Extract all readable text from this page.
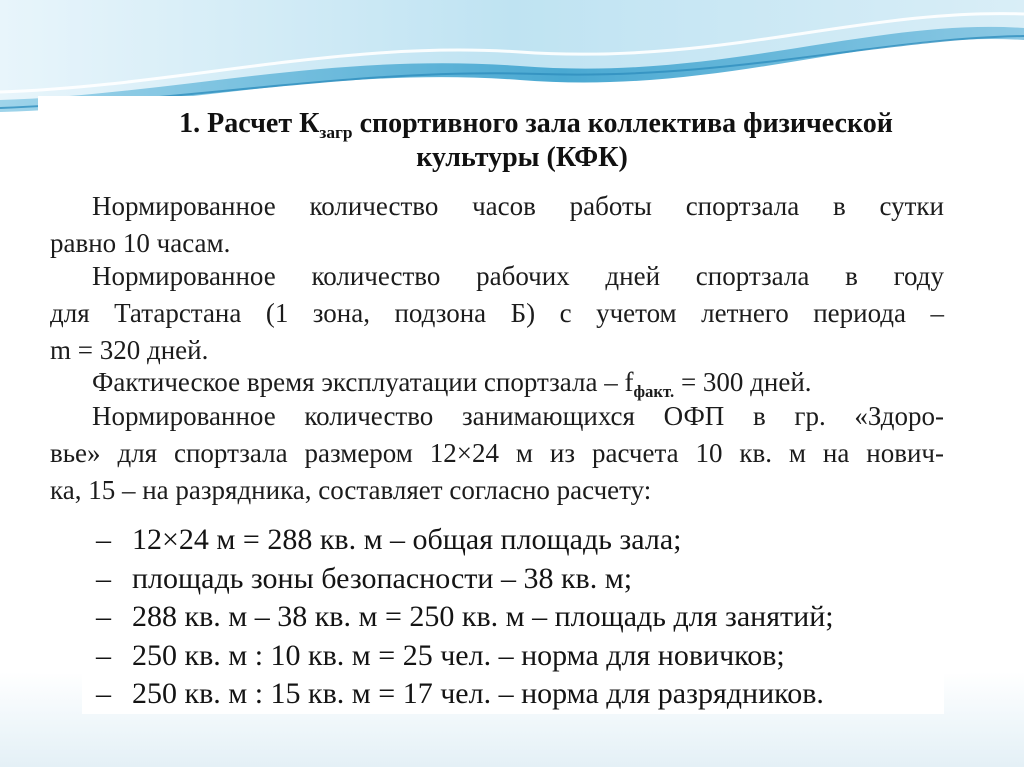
1. Расчет $К_{загр}$ спортивного зала коллектива физической
культуры (КФК)
Нормированное количество часов работы спортзала в сутки
равно 10 часам.
Нормированное количество рабочих дней спортзала в году
для Татарстана (1 зона, подзона Б) с учетом летнего периода –
m = 320 дней.
Фактическое время эксплуатации спортзала – $f_{факт.} = 300$ дней.
Нормированное количество занимающихся ОФП в гр. «Здоро-
вье» для спортзала размером 12×24 м из расчета 10 кв. м на нович-
ка, 15 – на разрядника, составляет согласно расчету:
– 12×24 м = 288 кв. м – общая площадь зала;
– площадь зоны безопасности – 38 кв. м;
– 288 кв. м – 38 кв. м = 250 кв. м – площадь для занятий;
– 250 кв. м : 10 кв. м = 25 чел. – норма для новичков;
– 250 кв. м : 15 кв. м = 17 чел. – норма для разрядников.
